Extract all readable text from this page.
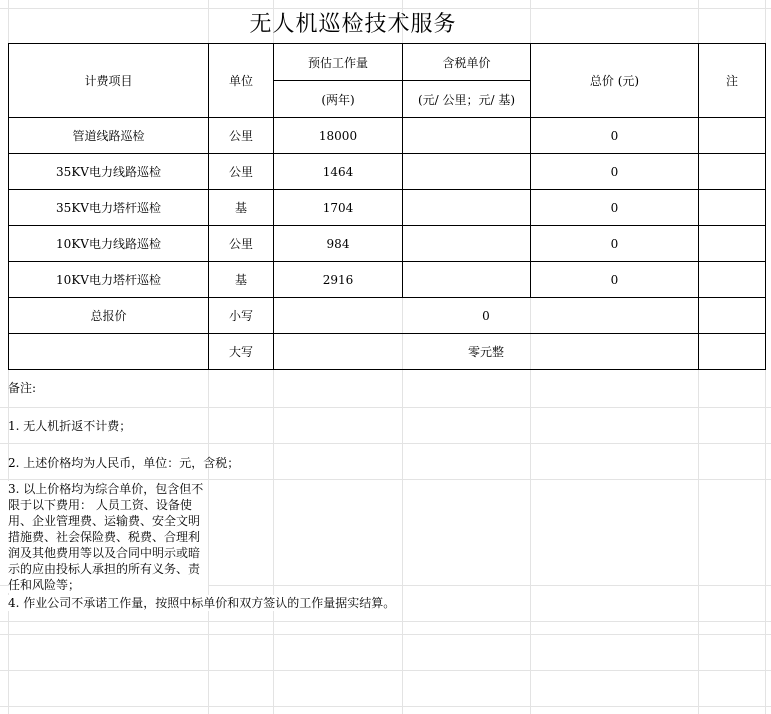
无人机巡检技术服务
计费项目	单位	预估工作量	含税单价	总价 (元)	注
		(两年)	(元/ 公里；元/ 基)		
管道线路巡检	公里	18000		0	
35KV电力线路巡检	公里	1464		0	
35KV电力塔杆巡检	基	1704		0	
10KV电力线路巡检	公里	984		0	
10KV电力塔杆巡检	基	2916		0	
总报价	小写	0			
	大写	零元整			
备注:
1. 无人机折返不计费；
2. 上述价格均为人民币，单位：元，含税；
3. 以上价格均为综合单价，包含但不限于以下费用： 人员工资、设备使用、企业管理费、运输费、安全文明措施费、社会保险费、税费、合理利润及其他费用等以及合同中明示或暗示的应由投标人承担的所有义务、责任和风险等；
4. 作业公司不承诺工作量，按照中标单价和双方签认的工作量据实结算。
